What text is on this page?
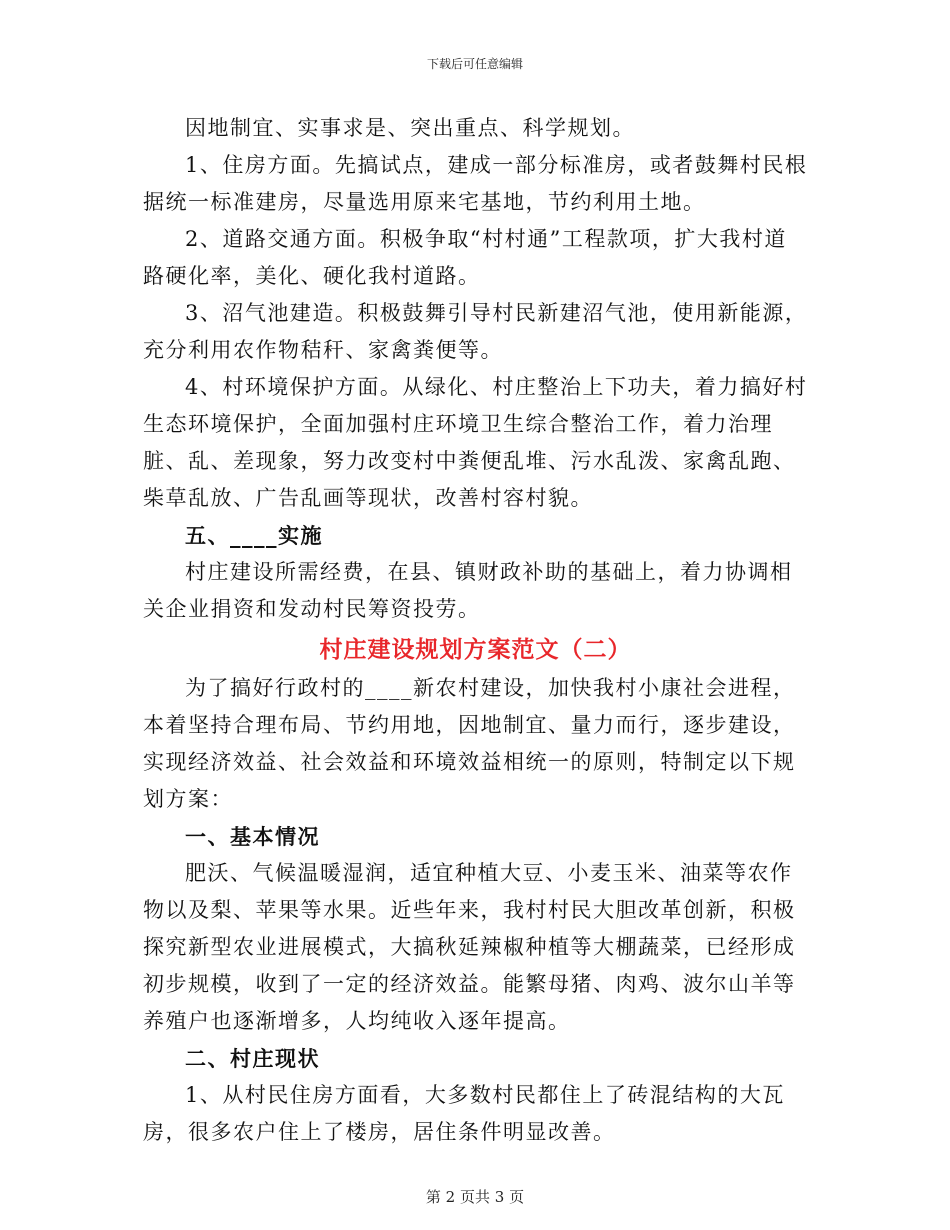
下载后可任意编辑

因地制宜、实事求是、突出重点、科学规划。

1、住房方面。先搞试点，建成一部分标准房，或者鼓舞村民根据统一标准建房，尽量选用原来宅基地，节约利用土地。

2、道路交通方面。积极争取“村村通”工程款项，扩大我村道路硬化率，美化、硬化我村道路。

3、沼气池建造。积极鼓舞引导村民新建沼气池，使用新能源，充分利用农作物秸秆、家禽粪便等。

4、村环境保护方面。从绿化、村庄整治上下功夫，着力搞好村生态环境保护，全面加强村庄环境卫生综合整治工作，着力治理脏、乱、差现象，努力改变村中粪便乱堆、污水乱泼、家禽乱跑、柴草乱放、广告乱画等现状，改善村容村貌。

五、____实施

村庄建设所需经费，在县、镇财政补助的基础上，着力协调相关企业捐资和发动村民筹资投劳。

村庄建设规划方案范文（二）

为了搞好行政村的____新农村建设，加快我村小康社会进程，本着坚持合理布局、节约用地，因地制宜、量力而行，逐步建设，实现经济效益、社会效益和环境效益相统一的原则，特制定以下规划方案：

一、基本情况

肥沃、气候温暖湿润，适宜种植大豆、小麦玉米、油菜等农作物以及梨、苹果等水果。近些年来，我村村民大胆改革创新，积极探究新型农业进展模式，大搞秋延辣椒种植等大棚蔬菜，已经形成初步规模，收到了一定的经济效益。能繁母猪、肉鸡、波尔山羊等养殖户也逐渐增多，人均纯收入逐年提高。

二、村庄现状

1、从村民住房方面看，大多数村民都住上了砖混结构的大瓦房，很多农户住上了楼房，居住条件明显改善。

第 2 页共 3 页
